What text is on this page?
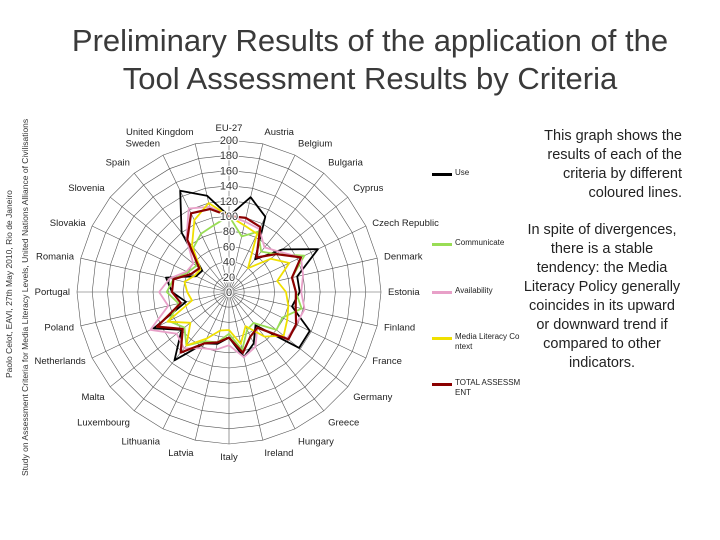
Paolo Celot, EAVI, 27th May 2010, Rio de Janeiro Study on Assessment Criteria for Media Literacy Levels, United Nations Alliance of Civilisations
Preliminary Results of the application of the
Tool Assessment Results by Criteria
0
20
40
60
80
100
120
140
160
180
200
EU-27 Austria
Belgium
Bulgaria
Cyprus
Czech Republic
Denmark
Estonia
Finland
France
Germany
Greece
Hungary
Ireland
Italy
Latvia
Lithuania
Luxembourg
Malta
Netherlands
Poland
Portugal
Romania
Slovakia
Slovenia
Spain
Sweden
United Kingdom
Use
Communicate
Availability
Media Literacy Context
TOTAL ASSESSMENT
This graph shows the results of each of the criteria by different coloured lines.
In spite of divergences, there is a stable tendency: the Media Literacy Policy generally coincides in its upward or downward trend if compared to other indicators.
